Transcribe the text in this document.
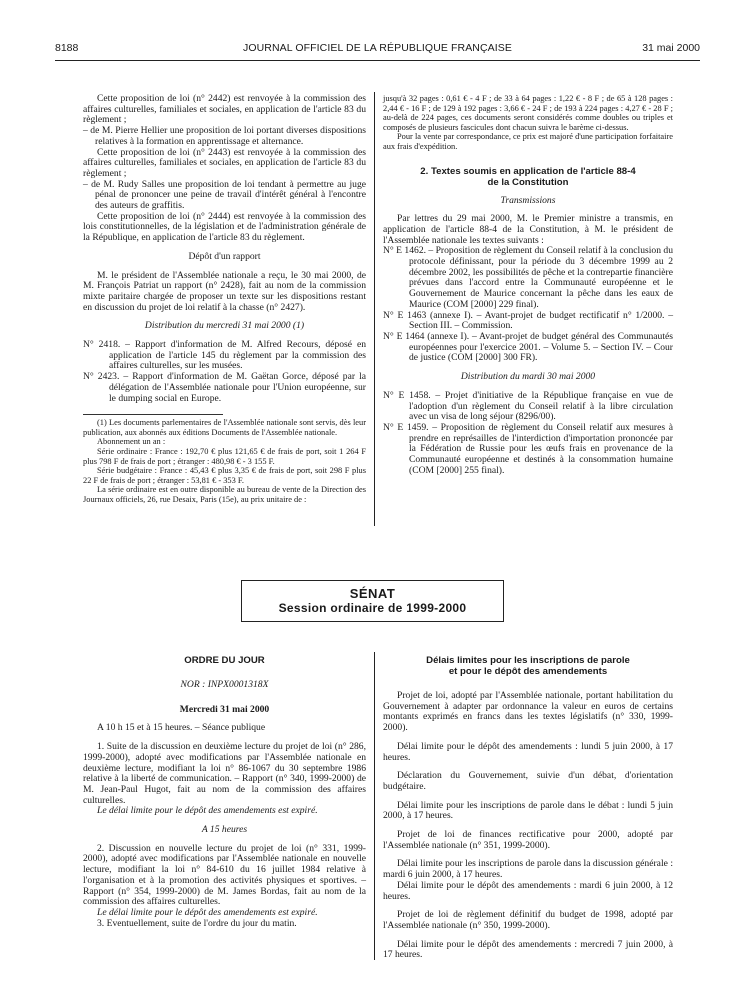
8188	JOURNAL OFFICIEL DE LA RÉPUBLIQUE FRANÇAISE	31 mai 2000

Cette proposition de loi (n° 2442) est renvoyée à la commission des affaires culturelles, familiales et sociales, en application de l'article 83 du règlement ;

– de M. Pierre Hellier une proposition de loi portant diverses dispositions relatives à la formation en apprentissage et alternance.

Cette proposition de loi (n° 2443) est renvoyée à la commission des affaires culturelles, familiales et sociales, en application de l'article 83 du règlement ;

– de M. Rudy Salles une proposition de loi tendant à permettre au juge pénal de prononcer une peine de travail d'intérêt général à l'encontre des auteurs de graffitis.

Cette proposition de loi (n° 2444) est renvoyée à la commission des lois constitutionnelles, de la législation et de l'administration générale de la République, en application de l'article 83 du règlement.

Dépôt d'un rapport

M. le président de l'Assemblée nationale a reçu, le 30 mai 2000, de M. François Patriat un rapport (n° 2428), fait au nom de la commission mixte paritaire chargée de proposer un texte sur les dispositions restant en discussion du projet de loi relatif à la chasse (n° 2427).

Distribution du mercredi 31 mai 2000 (1)

N° 2418. – Rapport d'information de M. Alfred Recours, déposé en application de l'article 145 du règlement par la commission des affaires culturelles, sur les musées.

N° 2423. – Rapport d'information de M. Gaëtan Gorce, déposé par la délégation de l'Assemblée nationale pour l'Union européenne, sur le dumping social en Europe.

(1) Les documents parlementaires de l'Assemblée nationale sont servis, dès leur publication, aux abonnés aux éditions Documents de l'Assemblée nationale.

Abonnement un an :

Série ordinaire : France : 192,70 € plus 121,65 € de frais de port, soit 1 264 F plus 798 F de frais de port ; étranger : 480,98 € - 3 155 F.

Série budgétaire : France : 45,43 € plus 3,35 € de frais de port, soit 298 F plus 22 F de frais de port ; étranger : 53,81 € - 353 F.

La série ordinaire est en outre disponible au bureau de vente de la Direction des Journaux officiels, 26, rue Desaix, Paris (15e), au prix unitaire de :

jusqu'à 32 pages : 0,61 € - 4 F ; de 33 à 64 pages : 1,22 € - 8 F ; de 65 à 128 pages : 2,44 € - 16 F ; de 129 à 192 pages : 3,66 € - 24 F ; de 193 à 224 pages : 4,27 € - 28 F ; au-delà de 224 pages, ces documents seront considérés comme doubles ou triples et composés de plusieurs fascicules dont chacun suivra le barème ci-dessus.

Pour la vente par correspondance, ce prix est majoré d'une participation forfaitaire aux frais d'expédition.

2. Textes soumis en application de l'article 88-4

de la Constitution

Transmissions

Par lettres du 29 mai 2000, M. le Premier ministre a transmis, en application de l'article 88-4 de la Constitution, à M. le président de l'Assemblée nationale les textes suivants :

N° E 1462. – Proposition de règlement du Conseil relatif à la conclusion du protocole définissant, pour la période du 3 décembre 1999 au 2 décembre 2002, les possibilités de pêche et la contrepartie financière prévues dans l'accord entre la Communauté européenne et le Gouvernement de Maurice concernant la pêche dans les eaux de Maurice (COM [2000] 229 final).

N° E 1463 (annexe I). – Avant-projet de budget rectificatif n° 1/2000. – Section III. – Commission.

N° E 1464 (annexe I). – Avant-projet de budget général des Communautés européennes pour l'exercice 2001. – Volume 5. – Section IV. – Cour de justice (COM [2000] 300 FR).

Distribution du mardi 30 mai 2000

N° E 1458. – Projet d'initiative de la République française en vue de l'adoption d'un règlement du Conseil relatif à la libre circulation avec un visa de long séjour (8296/00).

N° E 1459. – Proposition de règlement du Conseil relatif aux mesures à prendre en représailles de l'interdiction d'importation prononcée par la Fédération de Russie pour les œufs frais en provenance de la Communauté européenne et destinés à la consommation humaine (COM [2000] 255 final).

SÉNAT
Session ordinaire de 1999-2000

ORDRE DU JOUR

NOR : INPX0001318X

Mercredi 31 mai 2000

A 10 h 15 et à 15 heures. – Séance publique

1. Suite de la discussion en deuxième lecture du projet de loi (n° 286, 1999-2000), adopté avec modifications par l'Assemblée nationale en deuxième lecture, modifiant la loi n° 86-1067 du 30 septembre 1986 relative à la liberté de communication. – Rapport (n° 340, 1999-2000) de M. Jean-Paul Hugot, fait au nom de la commission des affaires culturelles.

Le délai limite pour le dépôt des amendements est expiré.

A 15 heures

2. Discussion en nouvelle lecture du projet de loi (n° 331, 1999-2000), adopté avec modifications par l'Assemblée nationale en nouvelle lecture, modifiant la loi n° 84-610 du 16 juillet 1984 relative à l'organisation et à la promotion des activités physiques et sportives. – Rapport (n° 354, 1999-2000) de M. James Bordas, fait au nom de la commission des affaires culturelles.

Le délai limite pour le dépôt des amendements est expiré.

3. Eventuellement, suite de l'ordre du jour du matin.

Délais limites pour les inscriptions de parole

et pour le dépôt des amendements

Projet de loi, adopté par l'Assemblée nationale, portant habilitation du Gouvernement à adapter par ordonnance la valeur en euros de certains montants exprimés en francs dans les textes législatifs (n° 330, 1999-2000).

Délai limite pour le dépôt des amendements : lundi 5 juin 2000, à 17 heures.

Déclaration du Gouvernement, suivie d'un débat, d'orientation budgétaire.

Délai limite pour les inscriptions de parole dans le débat : lundi 5 juin 2000, à 17 heures.

Projet de loi de finances rectificative pour 2000, adopté par l'Assemblée nationale (n° 351, 1999-2000).

Délai limite pour les inscriptions de parole dans la discussion générale : mardi 6 juin 2000, à 17 heures.

Délai limite pour le dépôt des amendements : mardi 6 juin 2000, à 12 heures.

Projet de loi de règlement définitif du budget de 1998, adopté par l'Assemblée nationale (n° 350, 1999-2000).

Délai limite pour le dépôt des amendements : mercredi 7 juin 2000, à 17 heures.
